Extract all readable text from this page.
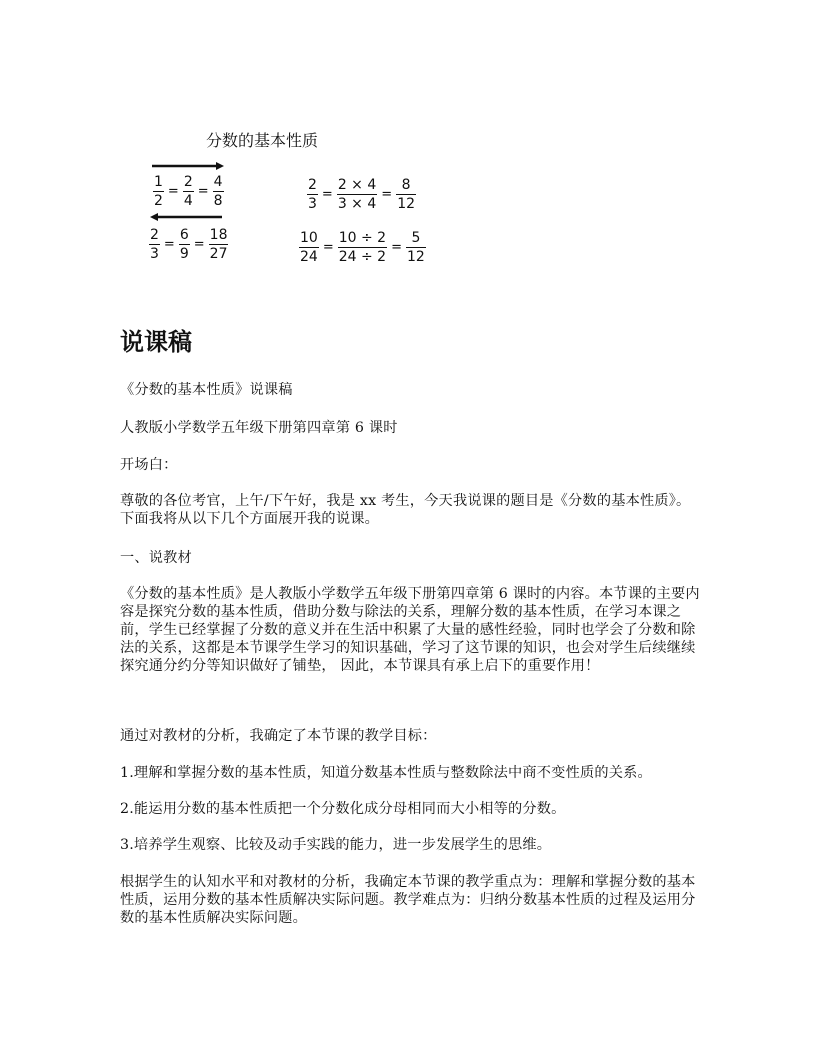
分数的基本性质
$\frac{1}{2} = \frac{2}{4} = \frac{4}{8}$
$\frac{2}{3} = \frac{6}{9} = \frac{18}{27}$
$\frac{2}{3} = \frac{2 \times 4}{3 \times 4} = \frac{8}{12}$
$\frac{10}{24} = \frac{10 \div 2}{24 \div 2} = \frac{5}{12}$
说课稿

《分数的基本性质》说课稿

人教版小学数学五年级下册第四章第 6 课时

开场白：

尊敬的各位考官，上午/下午好，我是 xx 考生，今天我说课的题目是《分数的基本性质》。下面我将从以下几个方面展开我的说课。

一、说教材

《分数的基本性质》是人教版小学数学五年级下册第四章第 6 课时的内容。本节课的主要内容是探究分数的基本性质，借助分数与除法的关系，理解分数的基本性质，在学习本课之前，学生已经掌握了分数的意义并在生活中积累了大量的感性经验，同时也学会了分数和除法的关系，这都是本节课学生学习的知识基础，学习了这节课的知识，也会对学生后续继续探究通分约分等知识做好了铺垫， 因此，本节课具有承上启下的重要作用！

通过对教材的分析，我确定了本节课的教学目标：

1.理解和掌握分数的基本性质，知道分数基本性质与整数除法中商不变性质的关系。

2.能运用分数的基本性质把一个分数化成分母相同而大小相等的分数。

3.培养学生观察、比较及动手实践的能力，进一步发展学生的思维。

根据学生的认知水平和对教材的分析，我确定本节课的教学重点为：理解和掌握分数的基本性质，运用分数的基本性质解决实际问题。教学难点为：归纳分数基本性质的过程及运用分数的基本性质解决实际问题。
